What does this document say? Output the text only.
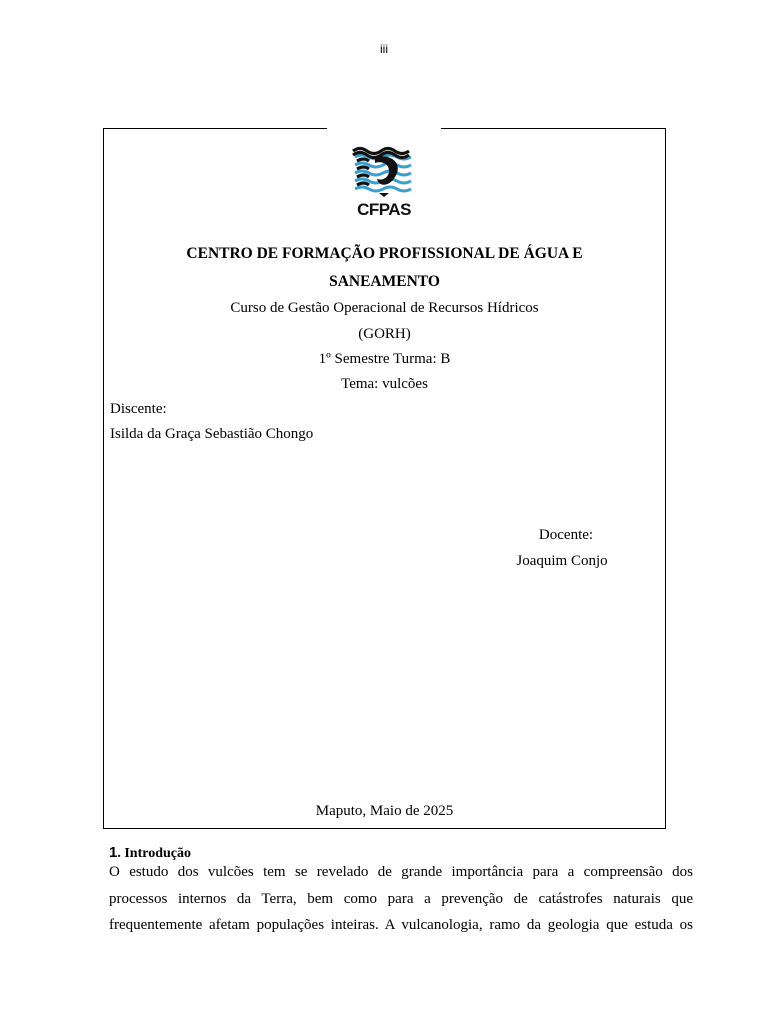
iii
CFPAS
CENTRO DE FORMAÇÃO PROFISSIONAL DE ÁGUA E
SANEAMENTO
Curso de Gestão Operacional de Recursos Hídricos
(GORH)
1º Semestre Turma: B
Tema: vulcões
Discente:
Isilda da Graça Sebastião Chongo
Docente:
Joaquim Conjo
Maputo, Maio de 2025
1. Introdução
O estudo dos vulcões tem se revelado de grande importância para a compreensão dos
processos internos da Terra, bem como para a prevenção de catástrofes naturais que
frequentemente afetam populações inteiras. A vulcanologia, ramo da geologia que estuda os
